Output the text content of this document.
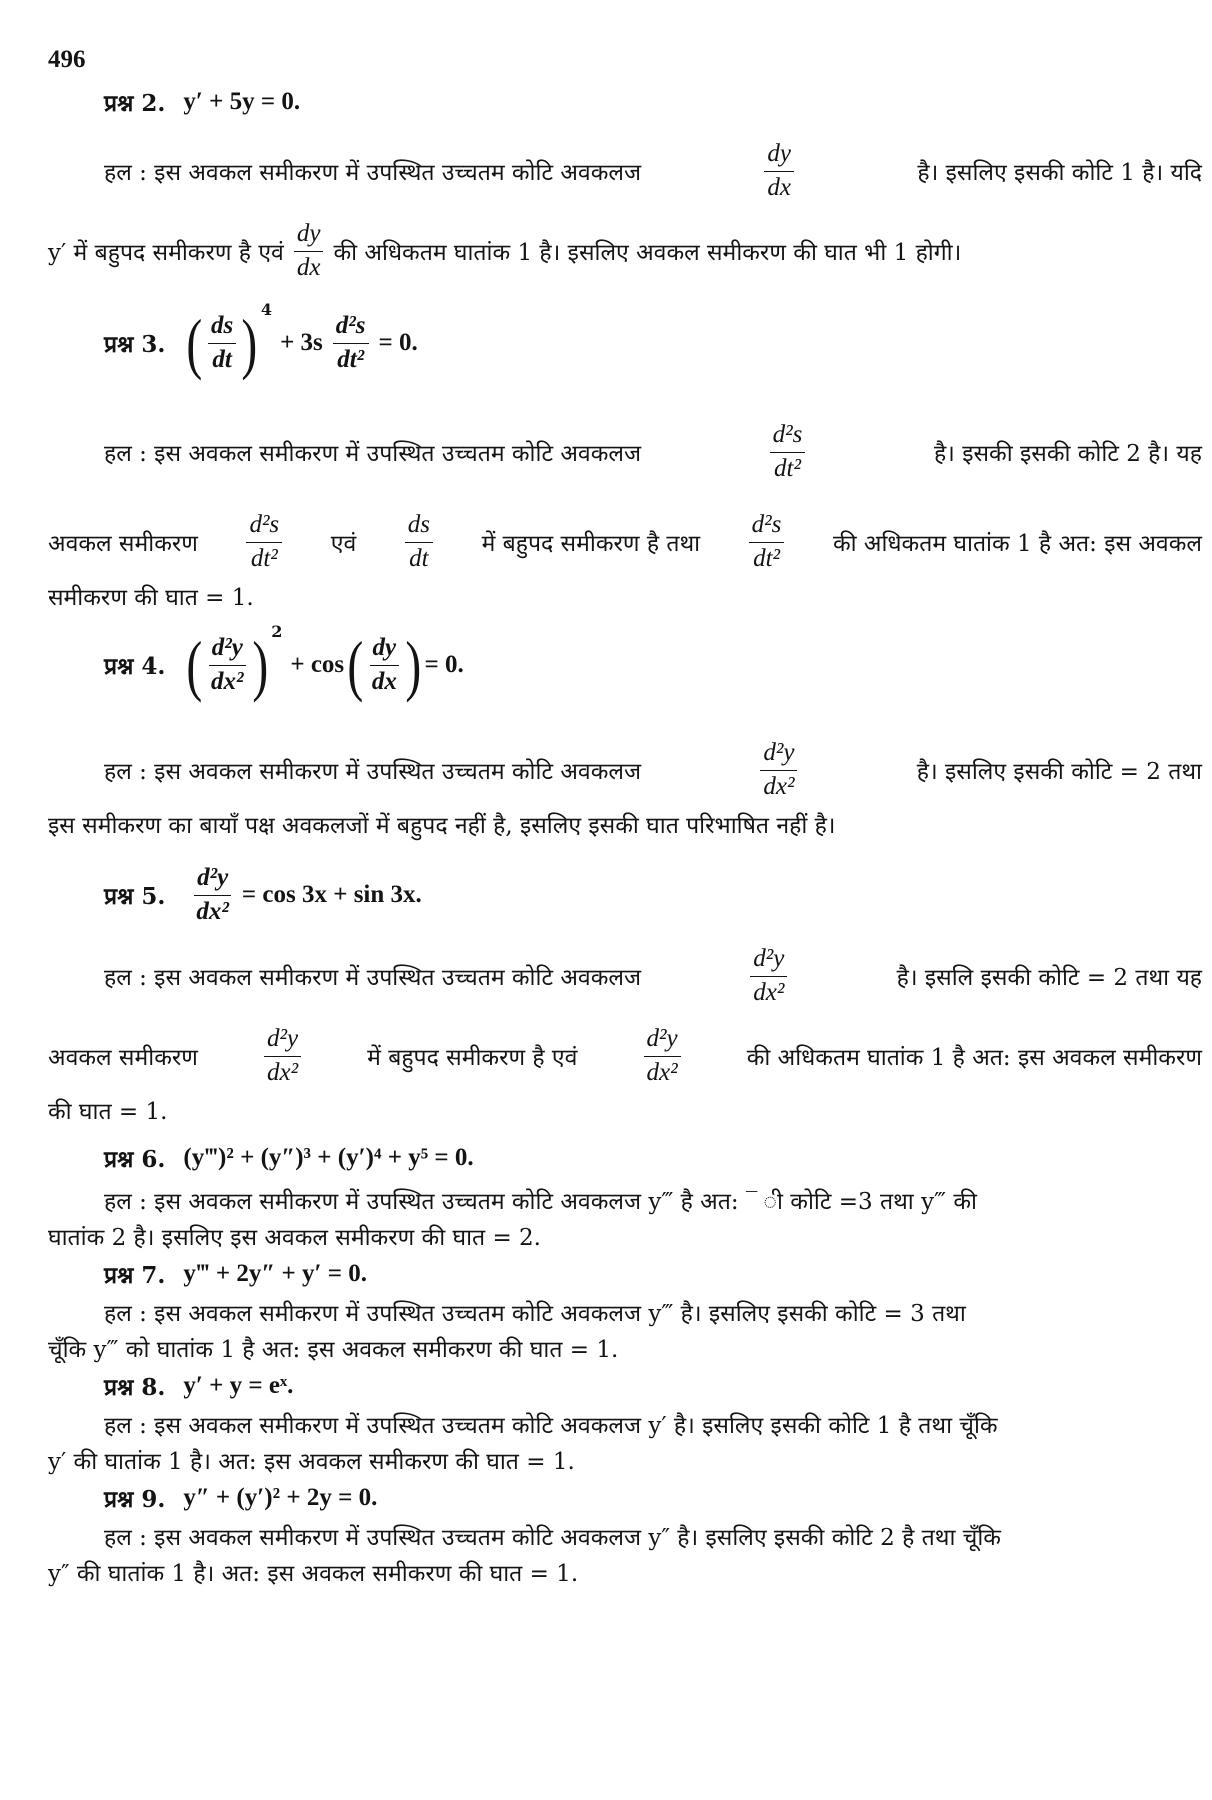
496
प्रश्न 2. y′ + 5y = 0.
हल : इस अवकल समीकरण में उपस्थित उच्चतम कोटि अवकलज	$\frac{dy}{dx}$	है। इसलिए इसकी कोटि 1 है। यदि
y′ में बहुपद समीकरण है एवं $\frac{dy}{dx}$ की अधिकतम घातांक 1 है। इसलिए अवकल समीकरण की घात भी 1 होगी।
प्रश्न 3. ( $\frac{ds}{dt}$ ) 4
+ $3s \frac{\text{d²s}}{\text{dt²}} = 0$.
हल : इस अवकल समीकरण में उपस्थित उच्चतम कोटि अवकलज	$\frac{\text{d²s}}{\text{dt²}}$	है। इसकी इसकी कोटि 2 है। यह
अवकल समीकरण $\frac{\text{d²s}}{\text{dt²}}$ एवं $\frac{ds}{dt}$ में बहुपद समीकरण है तथा $\frac{\text{d²s}}{\text{dt²}}$ की अधिकतम घातांक 1 है अत: इस अवकल
समीकरण की घात = 1.
प्रश्न 4. ( $\frac{\text{d²y}}{\text{dx²}}$ ) 2
+ cos ( $\frac{dy}{dx}$ ) = 0.
हल : इस अवकल समीकरण में उपस्थित उच्चतम कोटि अवकलज	$\frac{\text{d²y}}{\text{dx²}}$	है। इसलिए इसकी कोटि = 2 तथा
इस समीकरण का बायाँ पक्ष अवकलजों में बहुपद नहीं है, इसलिए इसकी घात परिभाषित नहीं है।
प्रश्न 5. $\frac{\text{d²y}}{\text{dx²}} = \cos 3x + \sin 3x$.
हल : इस अवकल समीकरण में उपस्थित उच्चतम कोटि अवकलज	$\frac{\text{d²y}}{\text{dx²}}$	है। इसलि इसकी कोटि = 2 तथा यह
अवकल समीकरण	$\frac{\text{d²y}}{\text{dx²}}$	में बहुपद समीकरण है एवं	$\frac{\text{d²y}}{\text{dx²}}$	की अधिकतम घातांक 1 है अत: इस अवकल समीकरण
की घात = 1.
प्रश्न 6. (y‴)² + (y″)³ + (y′)⁴ + y⁵ = 0.
हल : इस अवकल समीकरण में उपस्थित उच्चतम कोटि अवकलज y‴ है अत: ‾ ी कोटि =3 तथा y‴ की
घातांक 2 है। इसलिए इस अवकल समीकरण की घात = 2.
प्रश्न 7. y‴ + 2y″ + y′ = 0.
हल : इस अवकल समीकरण में उपस्थित उच्चतम कोटि अवकलज y‴ है। इसलिए इसकी कोटि = 3 तथा
चूँकि y‴ को घातांक 1 है अत: इस अवकल समीकरण की घात = 1.
प्रश्न 8. y′ + y = eˣ.
हल : इस अवकल समीकरण में उपस्थित उच्चतम कोटि अवकलज y′ है। इसलिए इसकी कोटि 1 है तथा चूँकि
y′ की घातांक 1 है। अत: इस अवकल समीकरण की घात = 1.
प्रश्न 9. y″ + (y′)² + 2y = 0.
हल : इस अवकल समीकरण में उपस्थित उच्चतम कोटि अवकलज y″ है। इसलिए इसकी कोटि 2 है तथा चूँकि
y″ की घातांक 1 है। अत: इस अवकल समीकरण की घात = 1.
